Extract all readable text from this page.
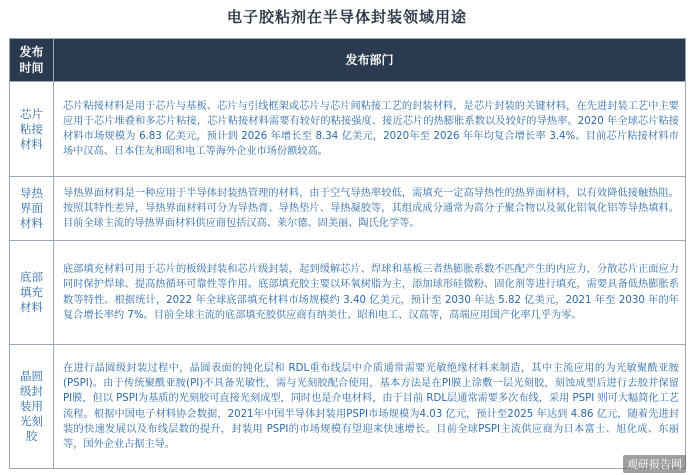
电子胶粘剂在半导体封装领域用途
发布时间	发布部门
芯片粘接材料	芯片粘接材料是用于芯片与基板、芯片与引线框架或芯片与芯片间粘接工艺的封装材料，是芯片封装的关键材料，在先进封装工艺中主要应用于芯片堆叠和多芯片粘接，芯片粘接材料需要有较好的粘接强度、接近芯片的热膨胀系数以及较好的导热率。2020 年全球芯片粘接材料市场规模为 6.83 亿美元，预计到 2026 年增长至 8.34 亿美元，2020年至 2026 年年均复合增长率 3.4%。目前芯片粘接材料市场中汉高、日本住友和昭和电工等海外企业市场份额较高。
导热界面材料	导热界面材料是一种应用于半导体封装热管理的材料，由于空气导热率较低，需填充一定高导热性的热界面材料，以有效降低接触热阻。按照其特性差异，导热界面材料可分为导热膏、导热垫片、导热凝胶等，其组成成分通常为高分子聚合物以及氮化铝氧化铝等导热填料。目前全球主流的导热界面材料供应商包括汉高、莱尔德、固美丽、陶氏化学等。
底部填充材料	底部填充材料可用于芯片的板级封装和芯片级封装，起到缓解芯片、焊球和基板三者热膨胀系数不匹配产生的内应力，分散芯片正面应力同时保护焊球、提高热循环可靠性等作用。底部填充胶主要以环氧树脂为主，添加球形硅微粉、固化剂等进行填充，需要具备低热膨胀系数等特性。根据统计，2022 年全球底部填充材料市场规模约 3.40 亿美元，预计至 2030 年达 5.82 亿美元，2021 年至 2030 年的年复合增长率约 7%。目前全球主流的底部填充胶供应商有纳美仕、昭和电工、汉高等，高端应用国产化率几乎为零。
晶圆级封装用光刻胶	在进行晶圆级封装过程中，晶圆表面的钝化层和 RDL重布线层中介质通常需要光敏绝缘材料来制造，其中主流应用的为光敏聚酰亚胺(PSPI)。由于传统聚酰亚胺(PI)不具备光敏性，需与光刻胶配合使用，基本方法是在PI膜上涂敷一层光刻胶，刻蚀成型后进行去胶并保留 PI膜，但以 PSPI为基质的光刻胶可直接光刻成型，同时也是介电材料，由于目前 RDL层通常需要多次布线，采用 PSPI 则可大幅简化工艺流程。根据中国电子材料协会数据，2021年中国半导体封装用PSPI市场规模为4.03 亿元，预计至2025 年达到 4.86 亿元，随着先进封装的快速发展以及布线层数的提升，封装用 PSPI的市场规模有望迎来快速增长。目前全球PSPI主流供应商为日本富士、旭化成、东丽等，国外企业占据主导。
观研报告网
